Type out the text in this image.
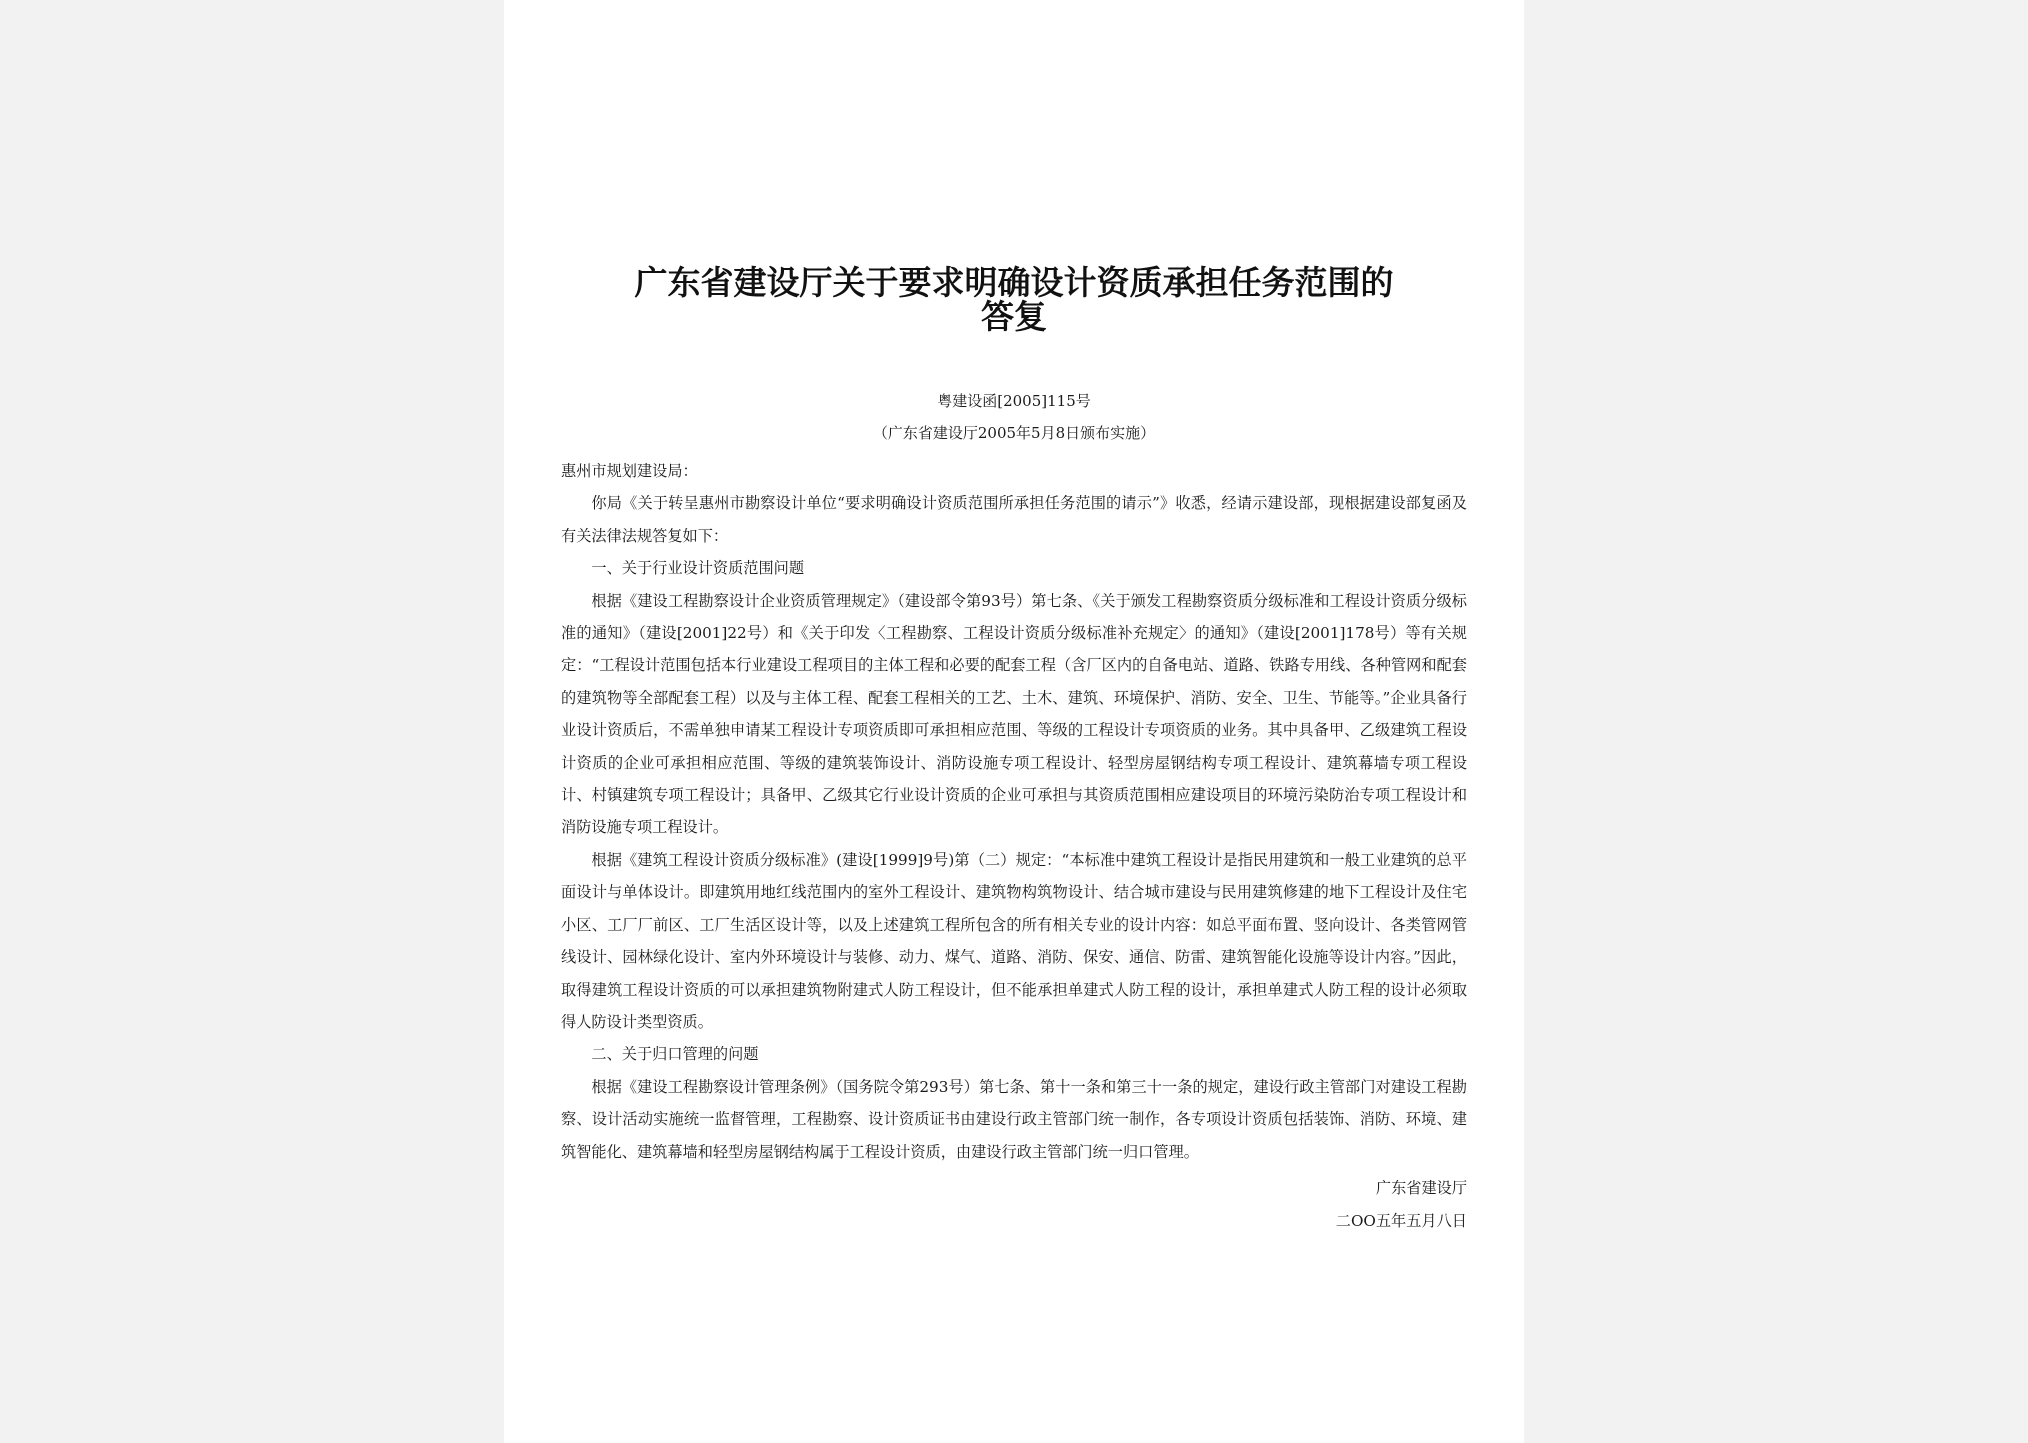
广东省建设厅关于要求明确设计资质承担任务范围的
答复
粤建设函[2005]115号
（广东省建设厅2005年5月8日颁布实施）

惠州市规划建设局：

你局《关于转呈惠州市勘察设计单位“要求明确设计资质范围所承担任务范围的请示”》收悉，经请示建设部，现根据建设部复函及有关法律法规答复如下：

一、关于行业设计资质范围问题

根据《建设工程勘察设计企业资质管理规定》（建设部令第93号）第七条、《关于颁发工程勘察资质分级标准和工程设计资质分级标准的通知》（建设[2001]22号）和《关于印发〈工程勘察、工程设计资质分级标准补充规定〉的通知》（建设[2001]178号）等有关规定：“工程设计范围包括本行业建设工程项目的主体工程和必要的配套工程（含厂区内的自备电站、道路、铁路专用线、各种管网和配套的建筑物等全部配套工程）以及与主体工程、配套工程相关的工艺、土木、建筑、环境保护、消防、安全、卫生、节能等。”企业具备行业设计资质后，不需单独申请某工程设计专项资质即可承担相应范围、等级的工程设计专项资质的业务。其中具备甲、乙级建筑工程设计资质的企业可承担相应范围、等级的建筑装饰设计、消防设施专项工程设计、轻型房屋钢结构专项工程设计、建筑幕墙专项工程设计、村镇建筑专项工程设计；具备甲、乙级其它行业设计资质的企业可承担与其资质范围相应建设项目的环境污染防治专项工程设计和消防设施专项工程设计。

根据《建筑工程设计资质分级标准》(建设[1999]9号)第（二）规定：“本标准中建筑工程设计是指民用建筑和一般工业建筑的总平面设计与单体设计。即建筑用地红线范围内的室外工程设计、建筑物构筑物设计、结合城市建设与民用建筑修建的地下工程设计及住宅小区、工厂厂前区、工厂生活区设计等，以及上述建筑工程所包含的所有相关专业的设计内容：如总平面布置、竖向设计、各类管网管线设计、园林绿化设计、室内外环境设计与装修、动力、煤气、道路、消防、保安、通信、防雷、建筑智能化设施等设计内容。”因此，取得建筑工程设计资质的可以承担建筑物附建式人防工程设计，但不能承担单建式人防工程的设计，承担单建式人防工程的设计必须取得人防设计类型资质。

二、关于归口管理的问题

根据《建设工程勘察设计管理条例》（国务院令第293号）第七条、第十一条和第三十一条的规定，建设行政主管部门对建设工程勘察、设计活动实施统一监督管理，工程勘察、设计资质证书由建设行政主管部门统一制作，各专项设计资质包括装饰、消防、环境、建筑智能化、建筑幕墙和轻型房屋钢结构属于工程设计资质，由建设行政主管部门统一归口管理。

广东省建设厅
二OO五年五月八日
